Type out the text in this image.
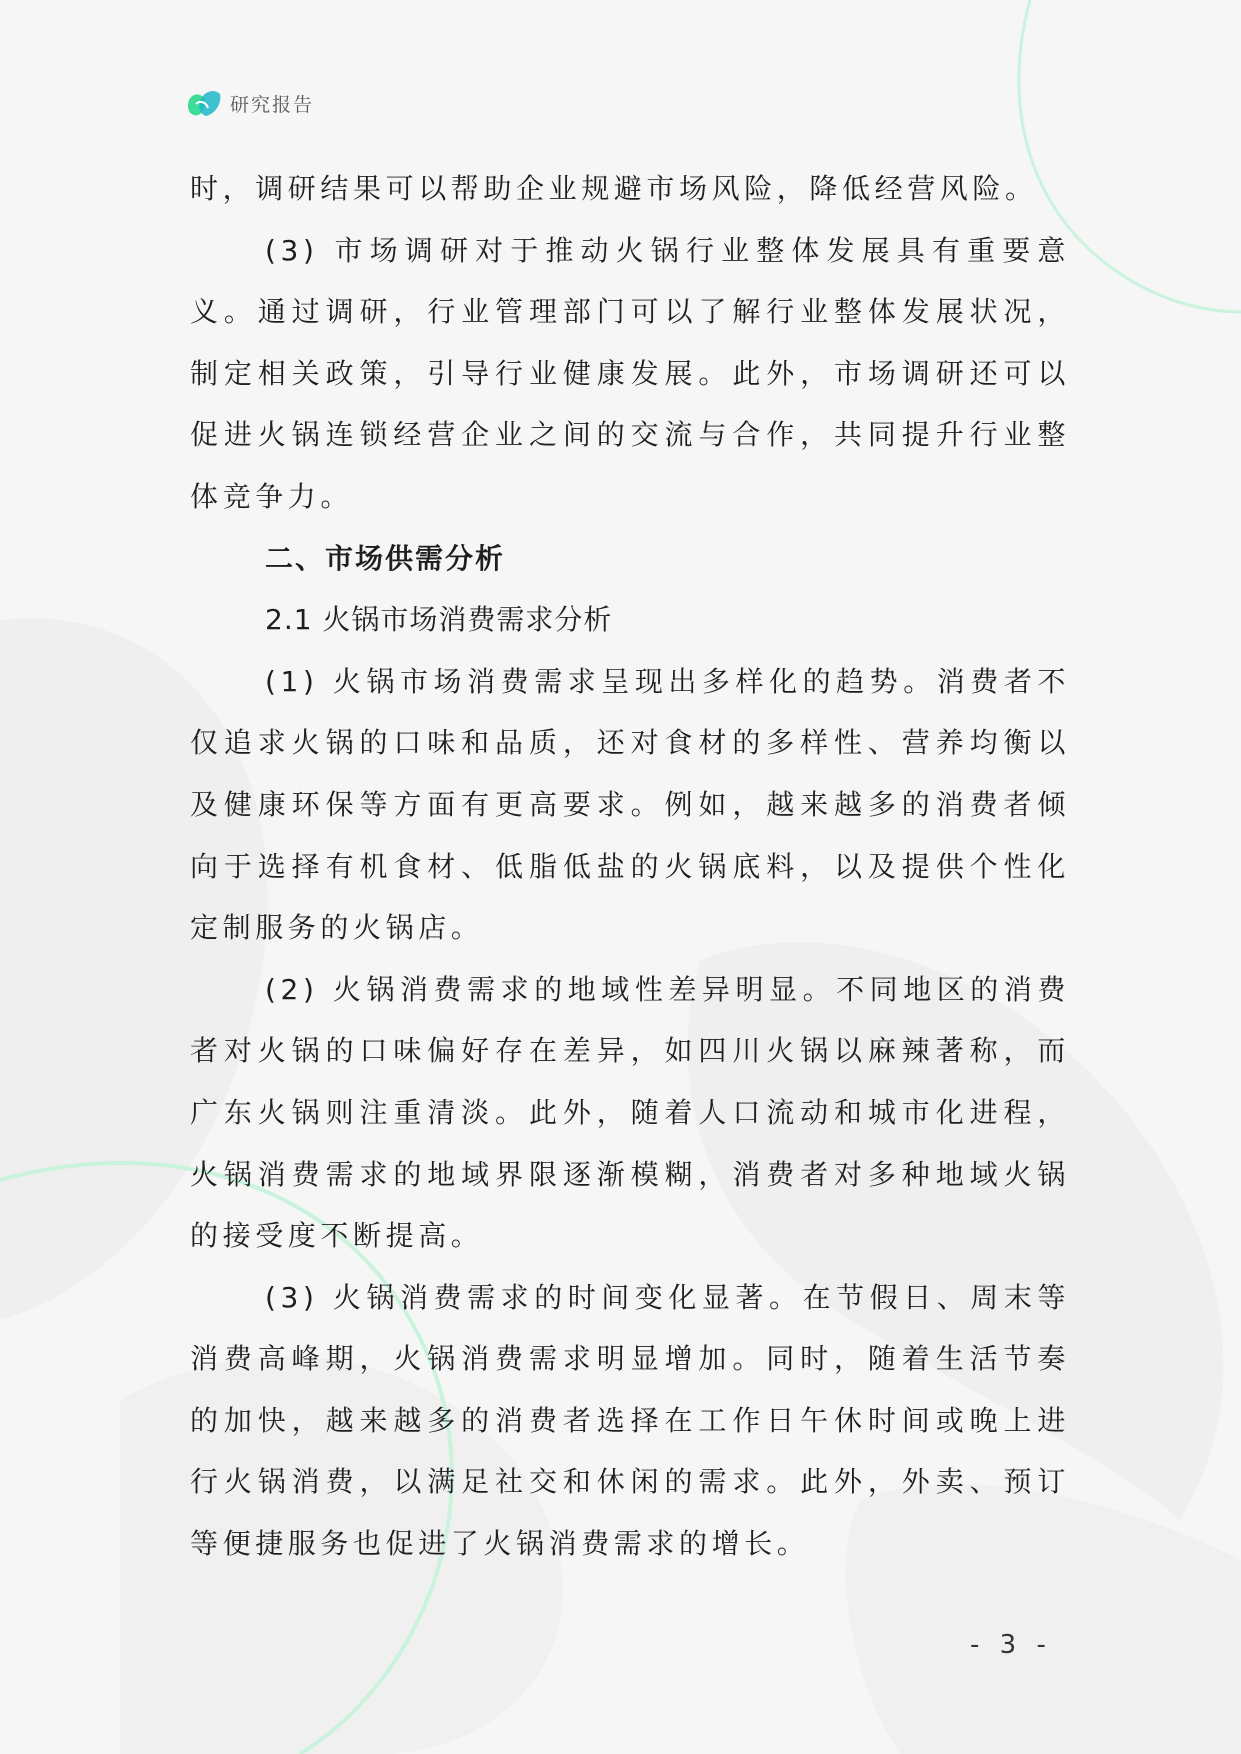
研究报告

时，调研结果可以帮助企业规避市场风险，降低经营风险。

(3) 市场调研对于推动火锅行业整体发展具有重要意义。通过调研，行业管理部门可以了解行业整体发展状况，制定相关政策，引导行业健康发展。此外，市场调研还可以促进火锅连锁经营企业之间的交流与合作，共同提升行业整体竞争力。

二、市场供需分析

2.1 火锅市场消费需求分析

(1) 火锅市场消费需求呈现出多样化的趋势。消费者不仅追求火锅的口味和品质，还对食材的多样性、营养均衡以及健康环保等方面有更高要求。例如，越来越多的消费者倾向于选择有机食材、低脂低盐的火锅底料，以及提供个性化定制服务的火锅店。

(2) 火锅消费需求的地域性差异明显。不同地区的消费者对火锅的口味偏好存在差异，如四川火锅以麻辣著称，而广东火锅则注重清淡。此外，随着人口流动和城市化进程，火锅消费需求的地域界限逐渐模糊，消费者对多种地域火锅的接受度不断提高。

(3) 火锅消费需求的时间变化显著。在节假日、周末等消费高峰期，火锅消费需求明显增加。同时，随着生活节奏的加快，越来越多的消费者选择在工作日午休时间或晚上进行火锅消费，以满足社交和休闲的需求。此外，外卖、预订等便捷服务也促进了火锅消费需求的增长。

- 3 -
